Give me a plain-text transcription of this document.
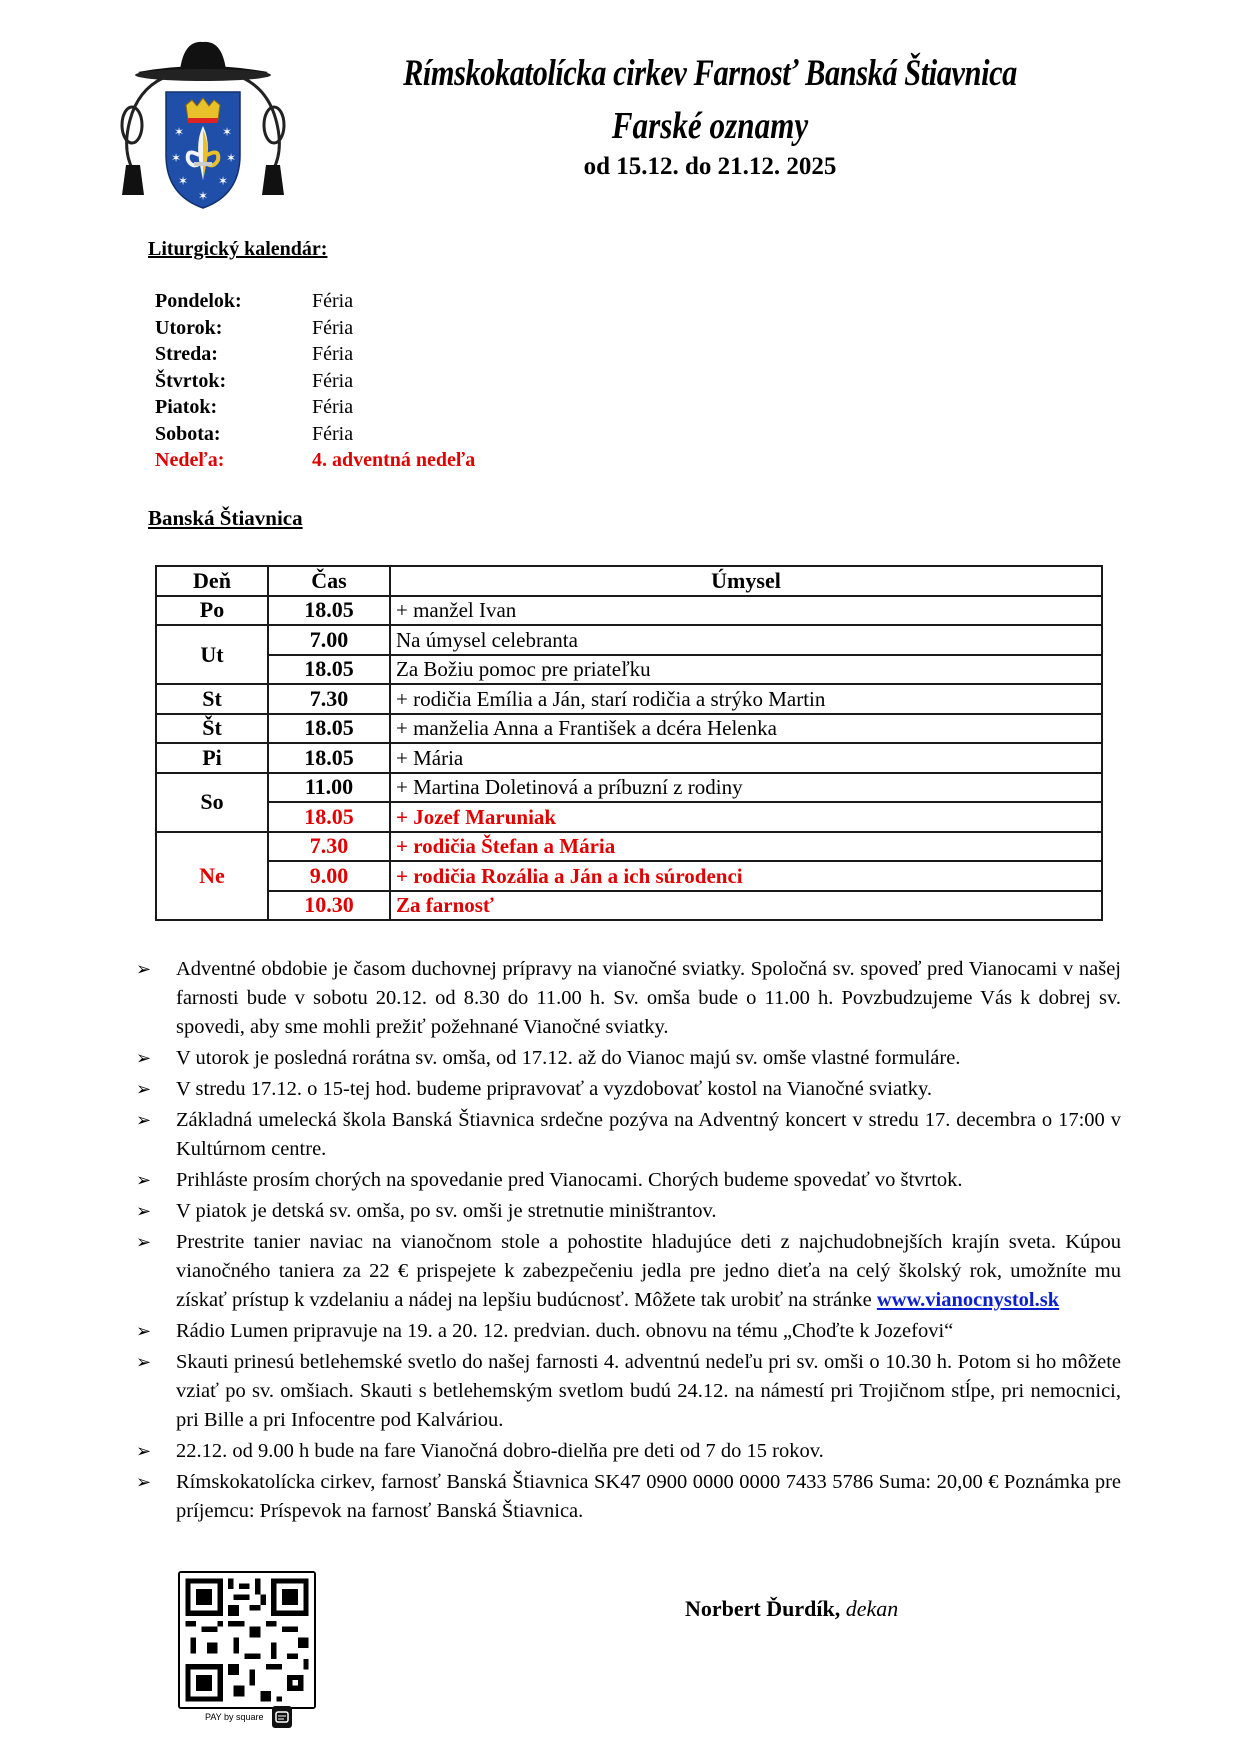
✶	✶
✶	✶
✶ ✶
✶
Rímskokatolícka cirkev Farnosť Banská Štiavnica
Farské oznamy
od 15.12. do 21.12. 2025
Liturgický kalendár:
Pondelok:	Féria
Utorok:	Féria
Streda:	Féria
Štvrtok:	Féria
Piatok:	Féria
Sobota:	Féria
Nedeľa:	4. adventná nedeľa
Banská Štiavnica
Deň	Čas	Úmysel
Po	18.05	+ manžel Ivan
Ut	7.00	Na úmysel celebranta
	18.05	Za Božiu pomoc pre priateľku
St	7.30	+ rodičia Emília a Ján, starí rodičia a strýko Martin
Št	18.05	+ manželia Anna a František a dcéra Helenka
Pi	18.05	+ Mária
So	11.00	+ Martina Doletinová a príbuzní z rodiny
	18.05	+ Jozef Maruniak
Ne	7.30	+ rodičia Štefan a Mária
	9.00	+ rodičia Rozália a Ján a ich súrodenci
	10.30	Za farnosť
➢	Adventné obdobie je časom duchovnej prípravy na vianočné sviatky. Spoločná sv. spoveď pred Vianocami v našej farnosti bude v sobotu 20.12. od 8.30 do 11.00 h. Sv. omša bude o 11.00 h. Povzbudzujeme Vás k dobrej sv. spovedi, aby sme mohli prežiť požehnané Vianočné sviatky.
➢	V utorok je posledná rorátna sv. omša, od 17.12. až do Vianoc majú sv. omše vlastné formuláre.
➢	V stredu 17.12. o 15-tej hod. budeme pripravovať a vyzdobovať kostol na Vianočné sviatky.
➢	Základná umelecká škola Banská Štiavnica srdečne pozýva na Adventný koncert v stredu 17. decembra o 17:00 v Kultúrnom centre.
➢	Prihláste prosím chorých na spovedanie pred Vianocami. Chorých budeme spovedať vo štvrtok.
➢	V piatok je detská sv. omša, po sv. omši je stretnutie miništrantov.
➢	Prestrite tanier naviac na vianočnom stole a pohostite hladujúce deti z najchudobnejších krajín sveta. Kúpou vianočného taniera za 22 € prispejete k zabezpečeniu jedla pre jedno dieťa na celý školský rok, umožníte mu získať prístup k vzdelaniu a nádej na lepšiu budúcnosť. Môžete tak urobiť na stránke www.vianocnystol.sk
➢	Rádio Lumen pripravuje na 19. a 20. 12. predvian. duch. obnovu na tému „Choďte k Jozefovi“
➢	Skauti prinesú betlehemské svetlo do našej farnosti 4. adventnú nedeľu pri sv. omši o 10.30 h. Potom si ho môžete vziať po sv. omšiach. Skauti s betlehemským svetlom budú 24.12. na námestí pri Trojičnom stĺpe, pri nemocnici, pri Bille a pri Infocentre pod Kalváriou.
➢	22.12. od 9.00 h bude na fare Vianočná dobro-dielňa pre deti od 7 do 15 rokov.
➢	Rímskokatolícka cirkev, farnosť Banská Štiavnica SK47 0900 0000 0000 7433 5786 Suma: 20,00 € Poznámka pre príjemcu: Príspevok na farnosť Banská Štiavnica.
PAY by square
Norbert Ďurdík, dekan
